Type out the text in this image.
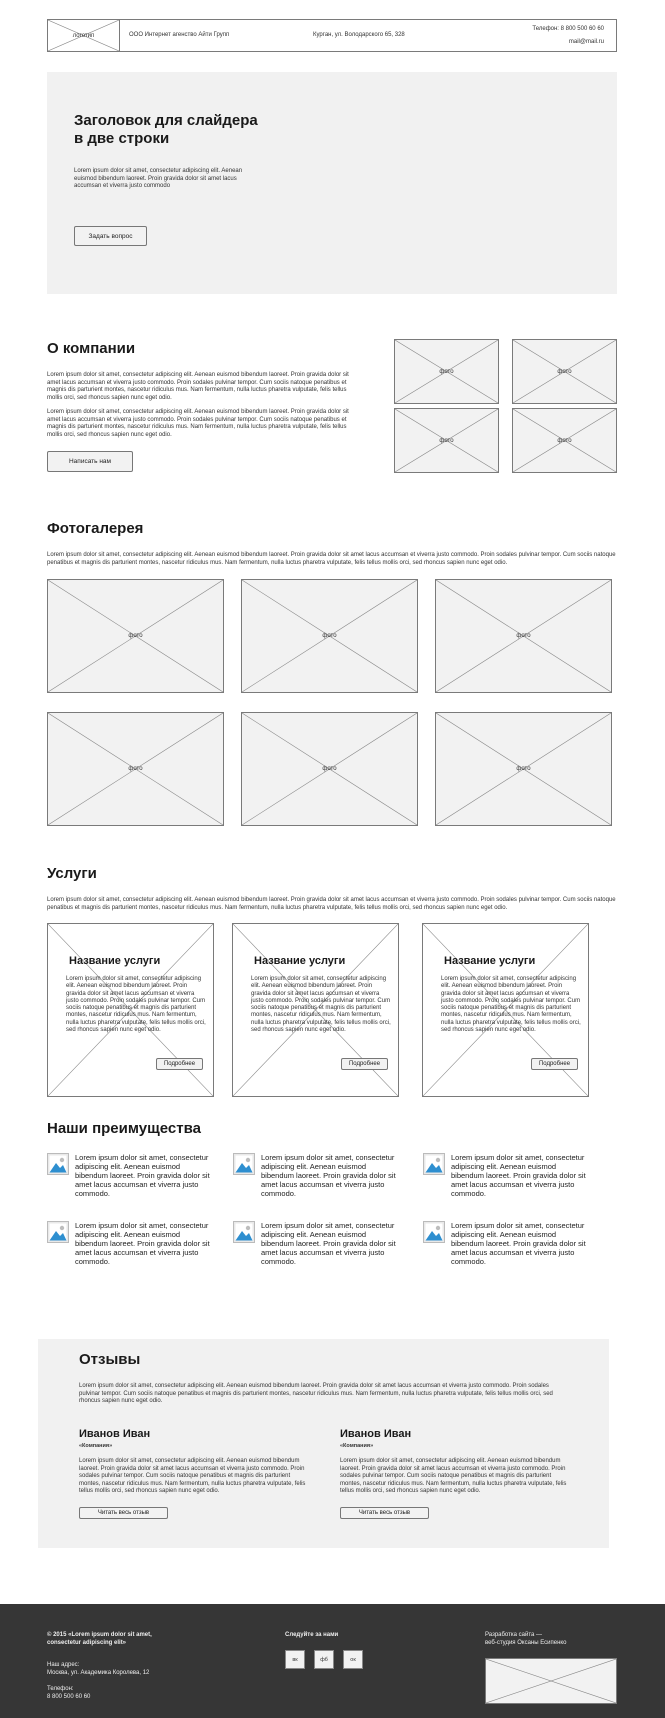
логотип	ООО Интернет агенство Айти Групп	Курган, ул. Володарского 65, 328
Телефон: 8 800 500 60 60
mail@mail.ru
Заголовок для слайдера
в две строки
Lorem ipsum dolor sit amet, consectetur adipiscing elit. Aenean euismod bibendum laoreet. Proin gravida dolor sit amet lacus accumsan et viverra justo commodo
Задать вопрос
О компании
Lorem ipsum dolor sit amet, consectetur adipiscing elit. Aenean euismod bibendum laoreet. Proin gravida dolor sit amet lacus accumsan et viverra justo commodo. Proin sodales pulvinar tempor. Cum sociis natoque penatibus et magnis dis parturient montes, nascetur ridiculus mus. Nam fermentum, nulla luctus pharetra vulputate, felis tellus mollis orci, sed rhoncus sapien nunc eget odio.
Lorem ipsum dolor sit amet, consectetur adipiscing elit. Aenean euismod bibendum laoreet. Proin gravida dolor sit amet lacus accumsan et viverra justo commodo. Proin sodales pulvinar tempor. Cum sociis natoque penatibus et magnis dis parturient montes, nascetur ridiculus mus. Nam fermentum, nulla luctus pharetra vulputate, felis tellus mollis orci, sed rhoncus sapien nunc eget odio.
Написать нам
фото	фото
фото	фото
Фотогалерея
Lorem ipsum dolor sit amet, consectetur adipiscing elit. Aenean euismod bibendum laoreet. Proin gravida dolor sit amet lacus accumsan et viverra justo commodo. Proin sodales pulvinar tempor. Cum sociis natoque penatibus et magnis dis parturient montes, nascetur ridiculus mus. Nam fermentum, nulla luctus pharetra vulputate, felis tellus mollis orci, sed rhoncus sapien nunc eget odio.
фото	фото	фото
фото	фото	фото
Услуги
Lorem ipsum dolor sit amet, consectetur adipiscing elit. Aenean euismod bibendum laoreet. Proin gravida dolor sit amet lacus accumsan et viverra justo commodo. Proin sodales pulvinar tempor. Cum sociis natoque penatibus et magnis dis parturient montes, nascetur ridiculus mus. Nam fermentum, nulla luctus pharetra vulputate, felis tellus mollis orci, sed rhoncus sapien nunc eget odio.
Название услуги
Lorem ipsum dolor sit amet, consectetur adipiscing elit. Aenean euismod bibendum laoreet. Proin gravida dolor sit amet lacus accumsan et viverra justo commodo. Proin sodales pulvinar tempor. Cum sociis natoque penatibus et magnis dis parturient montes, nascetur ridiculus mus. Nam fermentum, nulla luctus pharetra vulputate, felis tellus mollis orci, sed rhoncus sapien nunc eget odio.
Подробнее
Название услуги
Lorem ipsum dolor sit amet, consectetur adipiscing elit. Aenean euismod bibendum laoreet. Proin gravida dolor sit amet lacus accumsan et viverra justo commodo. Proin sodales pulvinar tempor. Cum sociis natoque penatibus et magnis dis parturient montes, nascetur ridiculus mus. Nam fermentum, nulla luctus pharetra vulputate, felis tellus mollis orci, sed rhoncus sapien nunc eget odio.
Подробнее
Название услуги
Lorem ipsum dolor sit amet, consectetur adipiscing elit. Aenean euismod bibendum laoreet. Proin gravida dolor sit amet lacus accumsan et viverra justo commodo. Proin sodales pulvinar tempor. Cum sociis natoque penatibus et magnis dis parturient montes, nascetur ridiculus mus. Nam fermentum, nulla luctus pharetra vulputate, felis tellus mollis orci, sed rhoncus sapien nunc eget odio.
Подробнее
Наши преимущества
Lorem ipsum dolor sit amet, consectetur adipiscing elit. Aenean euismod bibendum laoreet. Proin gravida dolor sit amet lacus accumsan et viverra justo commodo.
Lorem ipsum dolor sit amet, consectetur adipiscing elit. Aenean euismod bibendum laoreet. Proin gravida dolor sit amet lacus accumsan et viverra justo commodo.
Lorem ipsum dolor sit amet, consectetur adipiscing elit. Aenean euismod bibendum laoreet. Proin gravida dolor sit amet lacus accumsan et viverra justo commodo.
Lorem ipsum dolor sit amet, consectetur adipiscing elit. Aenean euismod bibendum laoreet. Proin gravida dolor sit amet lacus accumsan et viverra justo commodo.
Lorem ipsum dolor sit amet, consectetur adipiscing elit. Aenean euismod bibendum laoreet. Proin gravida dolor sit amet lacus accumsan et viverra justo commodo.
Lorem ipsum dolor sit amet, consectetur adipiscing elit. Aenean euismod bibendum laoreet. Proin gravida dolor sit amet lacus accumsan et viverra justo commodo.
Отзывы
Lorem ipsum dolor sit amet, consectetur adipiscing elit. Aenean euismod bibendum laoreet. Proin gravida dolor sit amet lacus accumsan et viverra justo commodo. Proin sodales pulvinar tempor. Cum sociis natoque penatibus et magnis dis parturient montes, nascetur ridiculus mus. Nam fermentum, nulla luctus pharetra vulputate, felis tellus mollis orci, sed rhoncus sapien nunc eget odio.
Иванов Иван
«Компания»
Lorem ipsum dolor sit amet, consectetur adipiscing elit. Aenean euismod bibendum laoreet. Proin gravida dolor sit amet lacus accumsan et viverra justo commodo. Proin sodales pulvinar tempor. Cum sociis natoque penatibus et magnis dis parturient montes, nascetur ridiculus mus. Nam fermentum, nulla luctus pharetra vulputate, felis tellus mollis orci, sed rhoncus sapien nunc eget odio.
Читать весь отзыв
Иванов Иван
«Компания»
Lorem ipsum dolor sit amet, consectetur adipiscing elit. Aenean euismod bibendum laoreet. Proin gravida dolor sit amet lacus accumsan et viverra justo commodo. Proin sodales pulvinar tempor. Cum sociis natoque penatibus et magnis dis parturient montes, nascetur ridiculus mus. Nam fermentum, nulla luctus pharetra vulputate, felis tellus mollis orci, sed rhoncus sapien nunc eget odio.
Читать весь отзыв
© 2015 «Lorem ipsum dolor sit amet,
consectetur adipiscing elit»
Наш адрес:
Москва, ул. Академика Королева, 12
Телефон:
8 800 500 60 60
Следуйте за нами
вк	фб	ок
Разработка сайта —
веб-студия Оксаны Есипенко
